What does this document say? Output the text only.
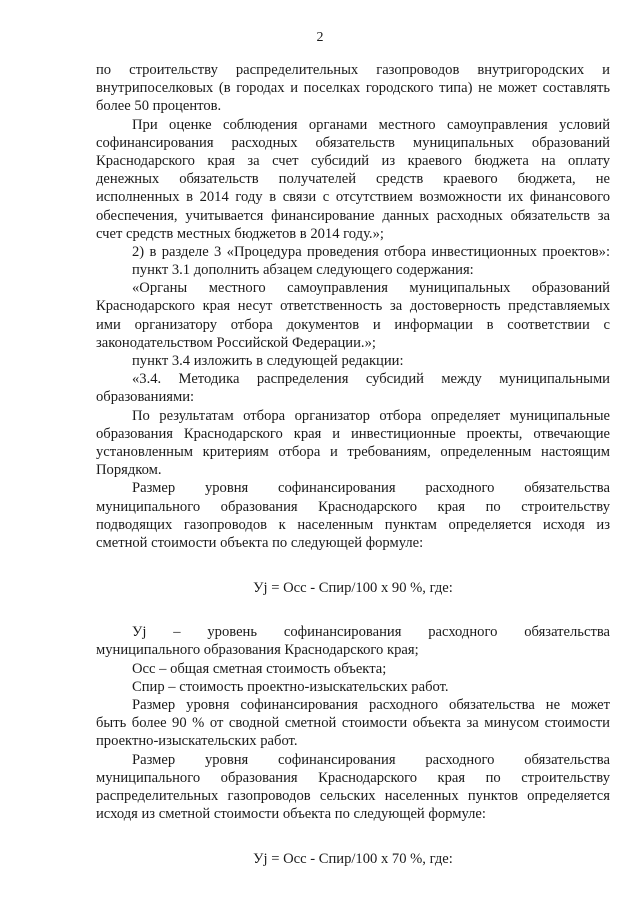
2
по строительству распределительных газопроводов внутригородских и
внутрипоселковых (в городах и поселках городского типа) не может составлять
более 50 процентов.
При оценке соблюдения органами местного самоуправления условий
софинансирования расходных обязательств муниципальных образований
Краснодарского края за счет субсидий из краевого бюджета на оплату
денежных обязательств получателей средств краевого бюджета, не
исполненных в 2014 году в связи с отсутствием возможности их финансового
обеспечения, учитывается финансирование данных расходных обязательств за
счет средств местных бюджетов в 2014 году.»;
2) в разделе 3 «Процедура проведения отбора инвестиционных проектов»:
пункт 3.1 дополнить абзацем следующего содержания:
«Органы местного самоуправления муниципальных образований
Краснодарского края несут ответственность за достоверность представляемых
ими организатору отбора документов и информации в соответствии с
законодательством Российской Федерации.»;
пункт 3.4 изложить в следующей редакции:
«3.4. Методика распределения субсидий между муниципальными
образованиями:
По результатам отбора организатор отбора определяет муниципальные
образования Краснодарского края и инвестиционные проекты, отвечающие
установленным критериям отбора и требованиям, определенным настоящим
Порядком.
Размер уровня софинансирования расходного обязательства
муниципального образования Краснодарского края по строительству
подводящих газопроводов к населенным пунктам определяется исходя из
сметной стоимости объекта по следующей формуле:
Уj = Осс - Спир/100 х 90 %, где:
Уj – уровень софинансирования расходного обязательства
муниципального образования Краснодарского края;
Осс – общая сметная стоимость объекта;
Спир – стоимость проектно-изыскательских работ.
Размер уровня софинансирования расходного обязательства не может
быть более 90 % от сводной сметной стоимости объекта за минусом стоимости
проектно-изыскательских работ.
Размер уровня софинансирования расходного обязательства
муниципального образования Краснодарского края по строительству
распределительных газопроводов сельских населенных пунктов определяется
исходя из сметной стоимости объекта по следующей формуле:
Уj = Осс - Спир/100 х 70 %, где:
